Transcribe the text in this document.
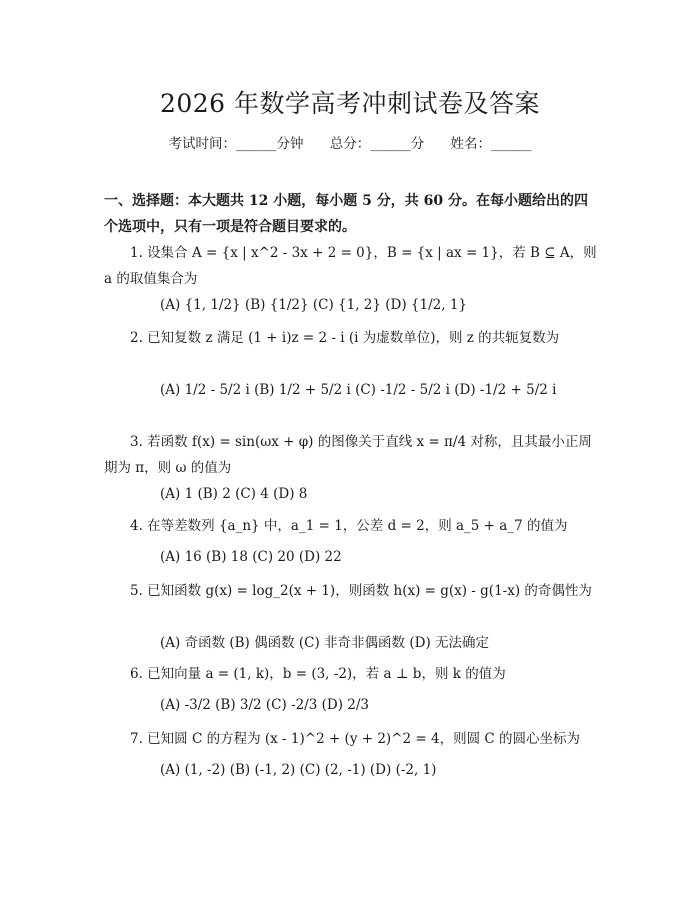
2026 年数学高考冲刺试卷及答案
考试时间：______分钟 总分：______分 姓名：______
一、选择题：本大题共 12 小题，每小题 5 分，共 60 分。在每小题给出的四个选项中，只有一项是符合题目要求的。
1. 设集合 A = {x | x^2 - 3x + 2 = 0}，B = {x | ax = 1}，若 B ⊆ A，则 a 的取值集合为
(A) {1, 1/2} (B) {1/2} (C) {1, 2} (D) {1/2, 1}
2. 已知复数 z 满足 (1 + i)z = 2 - i (i 为虚数单位)，则 z 的共轭复数为
(A) 1/2 - 5/2 i (B) 1/2 + 5/2 i (C) -1/2 - 5/2 i (D) -1/2 + 5/2 i
3. 若函数 f(x) = sin(ωx + φ) 的图像关于直线 x = π/4 对称，且其最小正周期为 π，则 ω 的值为
(A) 1 (B) 2 (C) 4 (D) 8
4. 在等差数列 {a_n} 中，a_1 = 1，公差 d = 2，则 a_5 + a_7 的值为
(A) 16 (B) 18 (C) 20 (D) 22
5. 已知函数 g(x) = log_2(x + 1)，则函数 h(x) = g(x) - g(1-x) 的奇偶性为
(A) 奇函数 (B) 偶函数 (C) 非奇非偶函数 (D) 无法确定
6. 已知向量 a = (1, k)，b = (3, -2)，若 a ⊥ b，则 k 的值为
(A) -3/2 (B) 3/2 (C) -2/3 (D) 2/3
7. 已知圆 C 的方程为 (x - 1)^2 + (y + 2)^2 = 4，则圆 C 的圆心坐标为
(A) (1, -2) (B) (-1, 2) (C) (2, -1) (D) (-2, 1)
